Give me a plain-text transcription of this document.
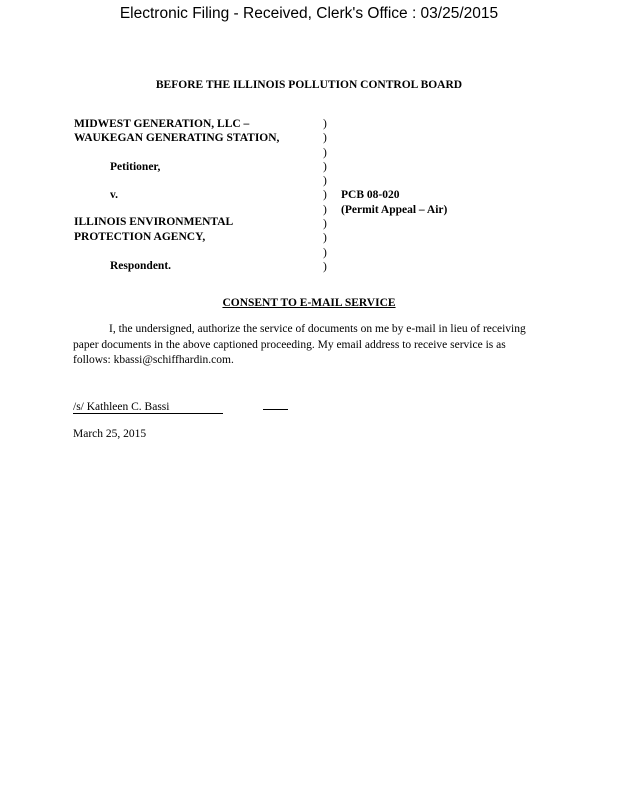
Electronic Filing - Received, Clerk's Office : 03/25/2015
BEFORE THE ILLINOIS POLLUTION CONTROL BOARD
MIDWEST GENERATION, LLC –
WAUKEGAN GENERATING STATION,
Petitioner,
v.
ILLINOIS ENVIRONMENTAL
PROTECTION AGENCY,
Respondent.
)
)
)
)
)
)
)
)
)
)
)
PCB 08-020
(Permit Appeal – Air)
CONSENT TO E-MAIL SERVICE
I, the undersigned, authorize the service of documents on me by e-mail in lieu of receiving paper documents in the above captioned proceeding. My email address to receive service is as follows: kbassi@schiffhardin.com.
/s/ Kathleen C. Bassi
March 25, 2015
